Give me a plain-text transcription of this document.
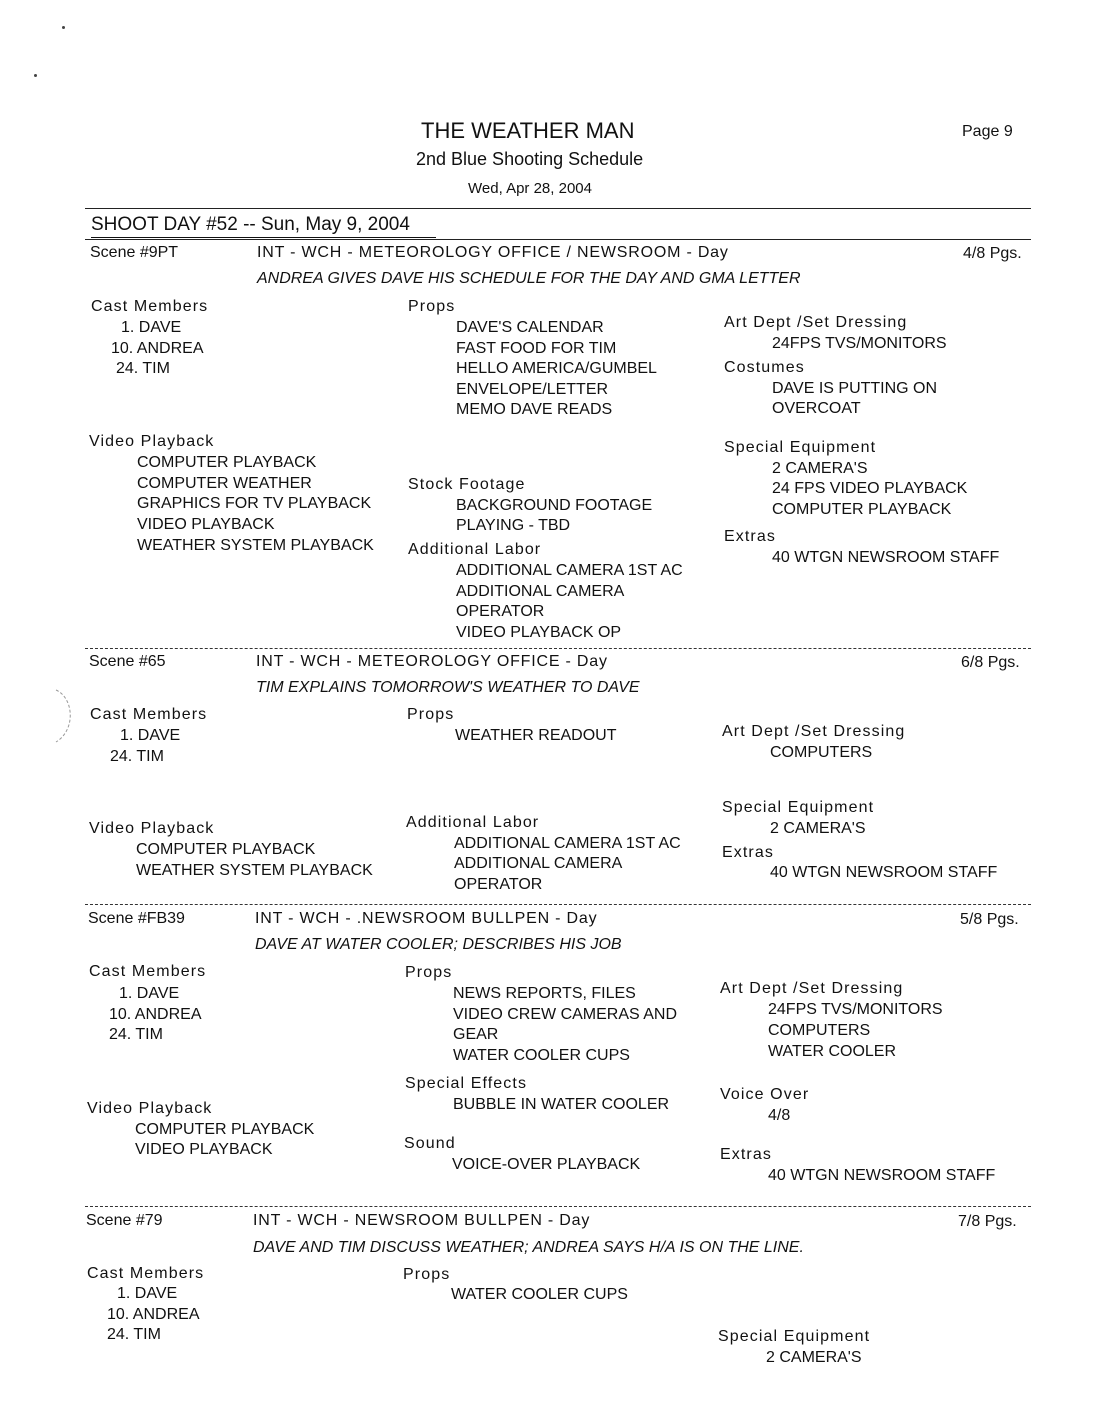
THE WEATHER MAN
2nd Blue Shooting Schedule
Wed, Apr 28, 2004
Page 9
SHOOT DAY #52 -- Sun, May 9, 2004
Scene #9PT	INT - WCH - METEOROLOGY OFFICE / NEWSROOM - Day	4/8 Pgs.
ANDREA GIVES DAVE HIS SCHEDULE FOR THE DAY AND GMA LETTER
Cast Members
1. DAVE
10. ANDREA
24. TIM
Props
DAVE'S CALENDAR
FAST FOOD FOR TIM
HELLO AMERICA/GUMBEL
ENVELOPE/LETTER
MEMO DAVE READS
Art Dept /Set Dressing
24FPS TVS/MONITORS
Costumes
DAVE IS PUTTING ON
OVERCOAT
Video Playback
COMPUTER PLAYBACK
COMPUTER WEATHER
GRAPHICS FOR TV PLAYBACK
VIDEO PLAYBACK
WEATHER SYSTEM PLAYBACK
Stock Footage
BACKGROUND FOOTAGE
PLAYING - TBD
Additional Labor
ADDITIONAL CAMERA 1ST AC
ADDITIONAL CAMERA
OPERATOR
VIDEO PLAYBACK OP
Special Equipment
2 CAMERA'S
24 FPS VIDEO PLAYBACK
COMPUTER PLAYBACK
Extras
40 WTGN NEWSROOM STAFF
Scene #65	INT - WCH - METEOROLOGY OFFICE - Day	6/8 Pgs.
TIM EXPLAINS TOMORROW'S WEATHER TO DAVE
Cast Members
1. DAVE
24. TIM
Props
WEATHER READOUT	Art Dept /Set Dressing
COMPUTERS
Special Equipment
2 CAMERA'S
Video Playback
COMPUTER PLAYBACK
WEATHER SYSTEM PLAYBACK
Additional Labor
ADDITIONAL CAMERA 1ST AC
ADDITIONAL CAMERA
OPERATOR
Extras
40 WTGN NEWSROOM STAFF
Scene #FB39	INT - WCH - .NEWSROOM BULLPEN - Day	5/8 Pgs.
DAVE AT WATER COOLER; DESCRIBES HIS JOB
Cast Members
1. DAVE
10. ANDREA
24. TIM
Props
NEWS REPORTS, FILES
VIDEO CREW CAMERAS AND
GEAR
WATER COOLER CUPS
Art Dept /Set Dressing
24FPS TVS/MONITORS
COMPUTERS
WATER COOLER
Special Effects
BUBBLE IN WATER COOLER
Video Playback
COMPUTER PLAYBACK
VIDEO PLAYBACK
Voice Over
4/8
Sound
VOICE-OVER PLAYBACK
Extras
40 WTGN NEWSROOM STAFF
Scene #79	INT - WCH - NEWSROOM BULLPEN - Day	7/8 Pgs.
DAVE AND TIM DISCUSS WEATHER; ANDREA SAYS H/A IS ON THE LINE.
Cast Members
1. DAVE
10. ANDREA
24. TIM
Props
WATER COOLER CUPS
Special Equipment
2 CAMERA'S
